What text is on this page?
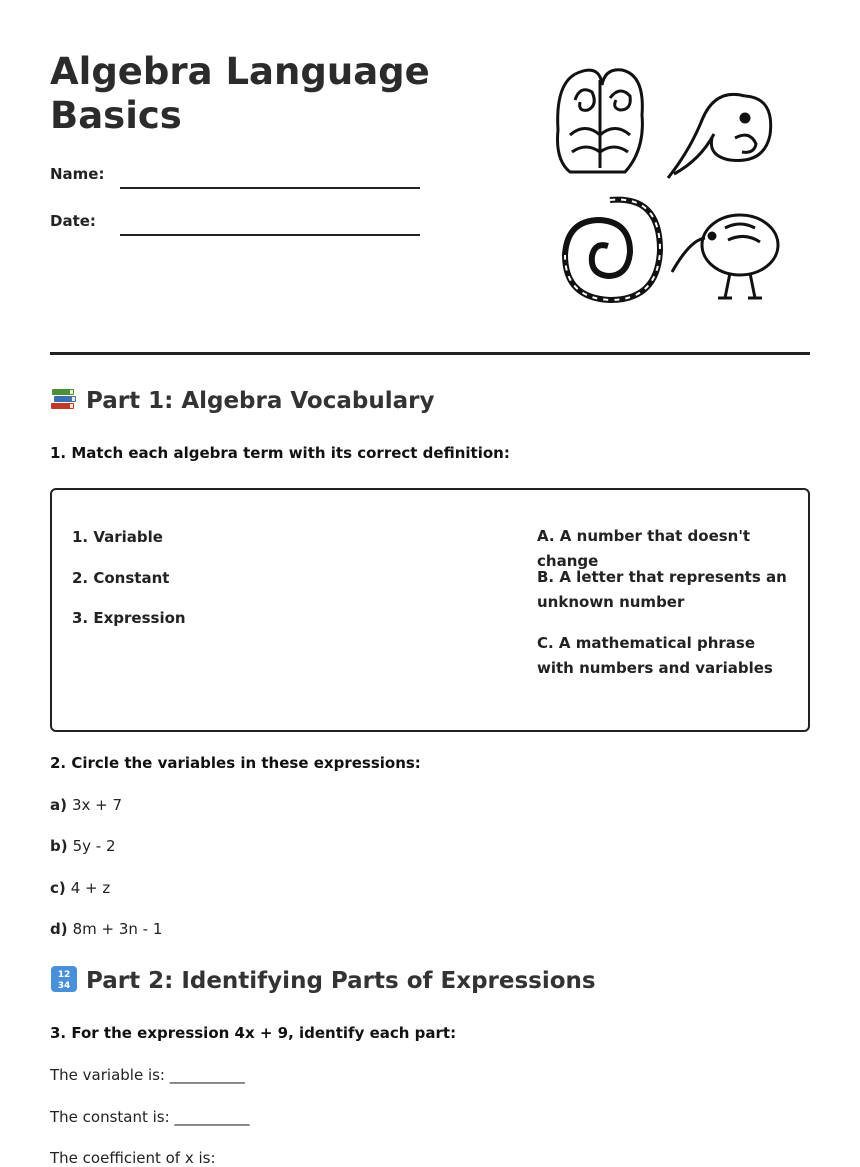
Algebra Language Basics
Name:
Date:
Part 1: Algebra Vocabulary
1. Match each algebra term with its correct definition:
1. Variable
2. Constant
3. Expression
A. A number that doesn't change
B. A letter that represents an unknown number
C. A mathematical phrase with numbers and variables
2. Circle the variables in these expressions:
a) 3x + 7
b) 5y - 2
c) 4 + z
d) 8m + 3n - 1
12
34 Part 2: Identifying Parts of Expressions
3. For the expression 4x + 9, identify each part:
The variable is: __________
The constant is: __________
The coefficient of x is:
